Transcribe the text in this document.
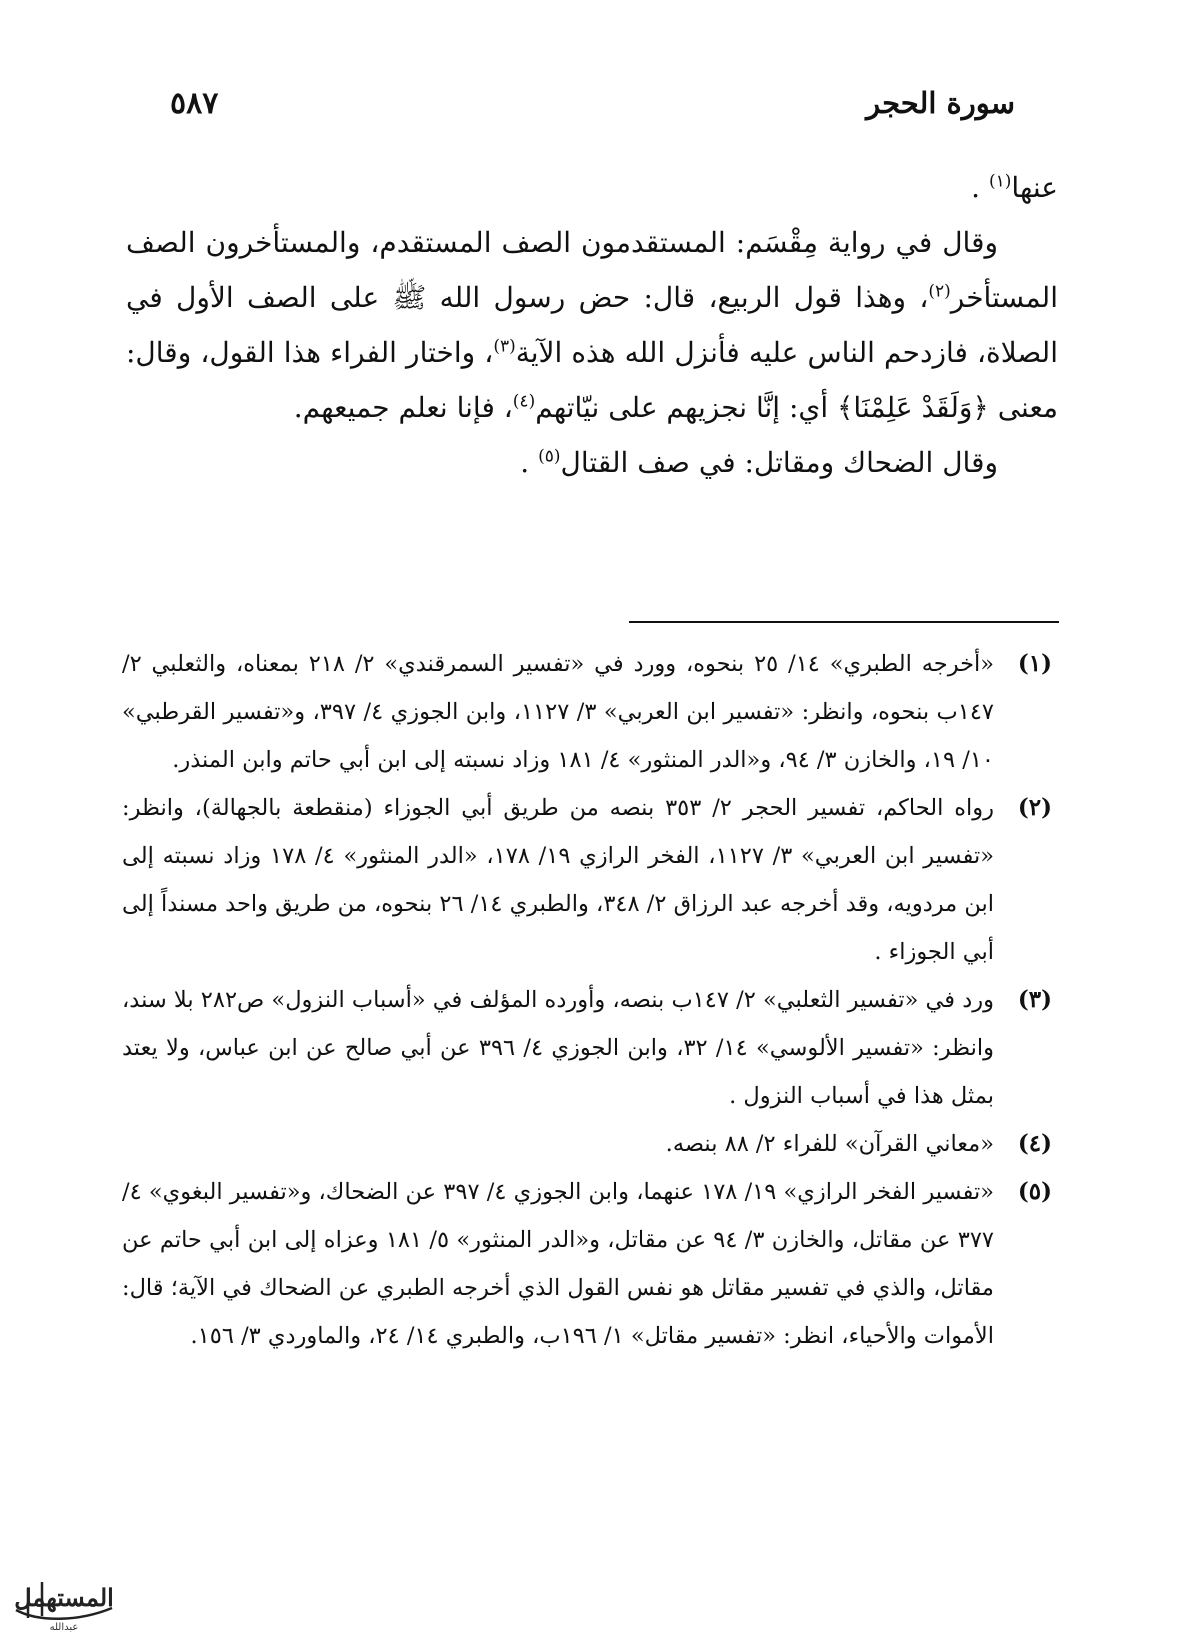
سورة الحجر
٥٨٧

عنها$^{(١)}$ .

وقال في رواية مِقْسَم: المستقدمون الصف المستقدم، والمستأخرون الصف المستأخر$^{(٢)}$، وهذا قول الربيع، قال: حض رسول الله ﷺ على الصف الأول في الصلاة، فازدحم الناس عليه فأنزل الله هذه الآية$^{(٣)}$، واختار الفراء هذا القول، وقال: معنى ﴿وَلَقَدْ عَلِمْنَا﴾ أي: إنَّا نجزيهم على نيّاتهم$^{(٤)}$، فإنا نعلم جميعهم.

وقال الضحاك ومقاتل: في صف القتال$^{(٥)}$ .

(١)
«أخرجه الطبري» ١٤/ ٢٥ بنحوه، وورد في «تفسير السمرقندي» ٢/ ٢١٨ بمعناه، والثعلبي ٢/ ١٤٧ب بنحوه، وانظر: «تفسير ابن العربي» ٣/ ١١٢٧، وابن الجوزي ٤/ ٣٩٧، و«تفسير القرطبي» ١٠/ ١٩، والخازن ٣/ ٩٤، و«الدر المنثور» ٤/ ١٨١ وزاد نسبته إلى ابن أبي حاتم وابن المنذر.
(٢)
رواه الحاكم، تفسير الحجر ٢/ ٣٥٣ بنصه من طريق أبي الجوزاء (منقطعة بالجهالة)، وانظر: «تفسير ابن العربي» ٣/ ١١٢٧، الفخر الرازي ١٩/ ١٧٨، «الدر المنثور» ٤/ ١٧٨ وزاد نسبته إلى ابن مردويه، وقد أخرجه عبد الرزاق ٢/ ٣٤٨، والطبري ١٤/ ٢٦ بنحوه، من طريق واحد مسنداً إلى أبي الجوزاء .
(٣)
ورد في «تفسير الثعلبي» ٢/ ١٤٧ب بنصه، وأورده المؤلف في «أسباب النزول» ص٢٨٢ بلا سند، وانظر: «تفسير الألوسي» ١٤/ ٣٢، وابن الجوزي ٤/ ٣٩٦ عن أبي صالح عن ابن عباس، ولا يعتد بمثل هذا في أسباب النزول .
(٤)
«معاني القرآن» للفراء ٢/ ٨٨ بنصه.
(٥)
«تفسير الفخر الرازي» ١٩/ ١٧٨ عنهما، وابن الجوزي ٤/ ٣٩٧ عن الضحاك، و«تفسير البغوي» ٤/ ٣٧٧ عن مقاتل، والخازن ٣/ ٩٤ عن مقاتل، و«الدر المنثور» ٥/ ١٨١ وعزاه إلى ابن أبي حاتم عن مقاتل، والذي في تفسير مقاتل هو نفس القول الذي أخرجه الطبري عن الضحاك في الآية؛ قال: الأموات والأحياء، انظر: «تفسير مقاتل» ١/ ١٩٦ب، والطبري ١٤/ ٢٤، والماوردي ٣/ ١٥٦.
المستهمل
عبدالله
